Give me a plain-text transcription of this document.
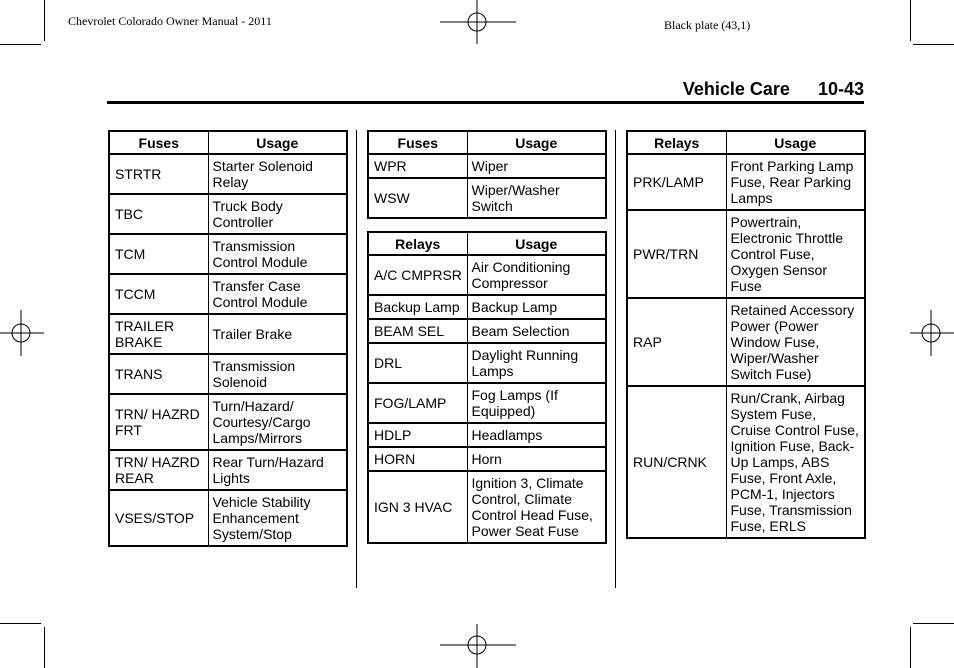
Chevrolet Colorado Owner Manual - 2011	Black plate (43,1)
Vehicle Care 10-43
Fuses	Usage
STRTR	Starter Solenoid Relay
TBC	Truck Body Controller
TCM	Transmission Control Module
TCCM	Transfer Case Control Module
TRAILER BRAKE	Trailer Brake
TRANS	Transmission Solenoid
TRN/ HAZRD FRT	Turn/Hazard/ Courtesy/Cargo Lamps/Mirrors
TRN/ HAZRD REAR	Rear Turn/Hazard Lights
VSES/STOP	Vehicle Stability Enhancement System/Stop
Fuses	Usage
WPR	Wiper
WSW	Wiper/Washer Switch
Relays	Usage
A/C CMPRSR	Air Conditioning Compressor
Backup Lamp	Backup Lamp
BEAM SEL	Beam Selection
DRL	Daylight Running Lamps
FOG/LAMP	Fog Lamps (If Equipped)
HDLP	Headlamps
HORN	Horn
IGN 3 HVAC	Ignition 3, Climate Control, Climate Control Head Fuse, Power Seat Fuse
Relays	Usage
PRK/LAMP	Front Parking Lamp Fuse, Rear Parking Lamps
PWR/TRN	Powertrain, Electronic Throttle Control Fuse, Oxygen Sensor Fuse
RAP	Retained Accessory Power (Power Window Fuse, Wiper/Washer Switch Fuse)
RUN/CRNK	Run/Crank, Airbag System Fuse, Cruise Control Fuse, Ignition Fuse, Back-Up Lamps, ABS Fuse, Front Axle, PCM-1, Injectors Fuse, Transmission Fuse, ERLS
